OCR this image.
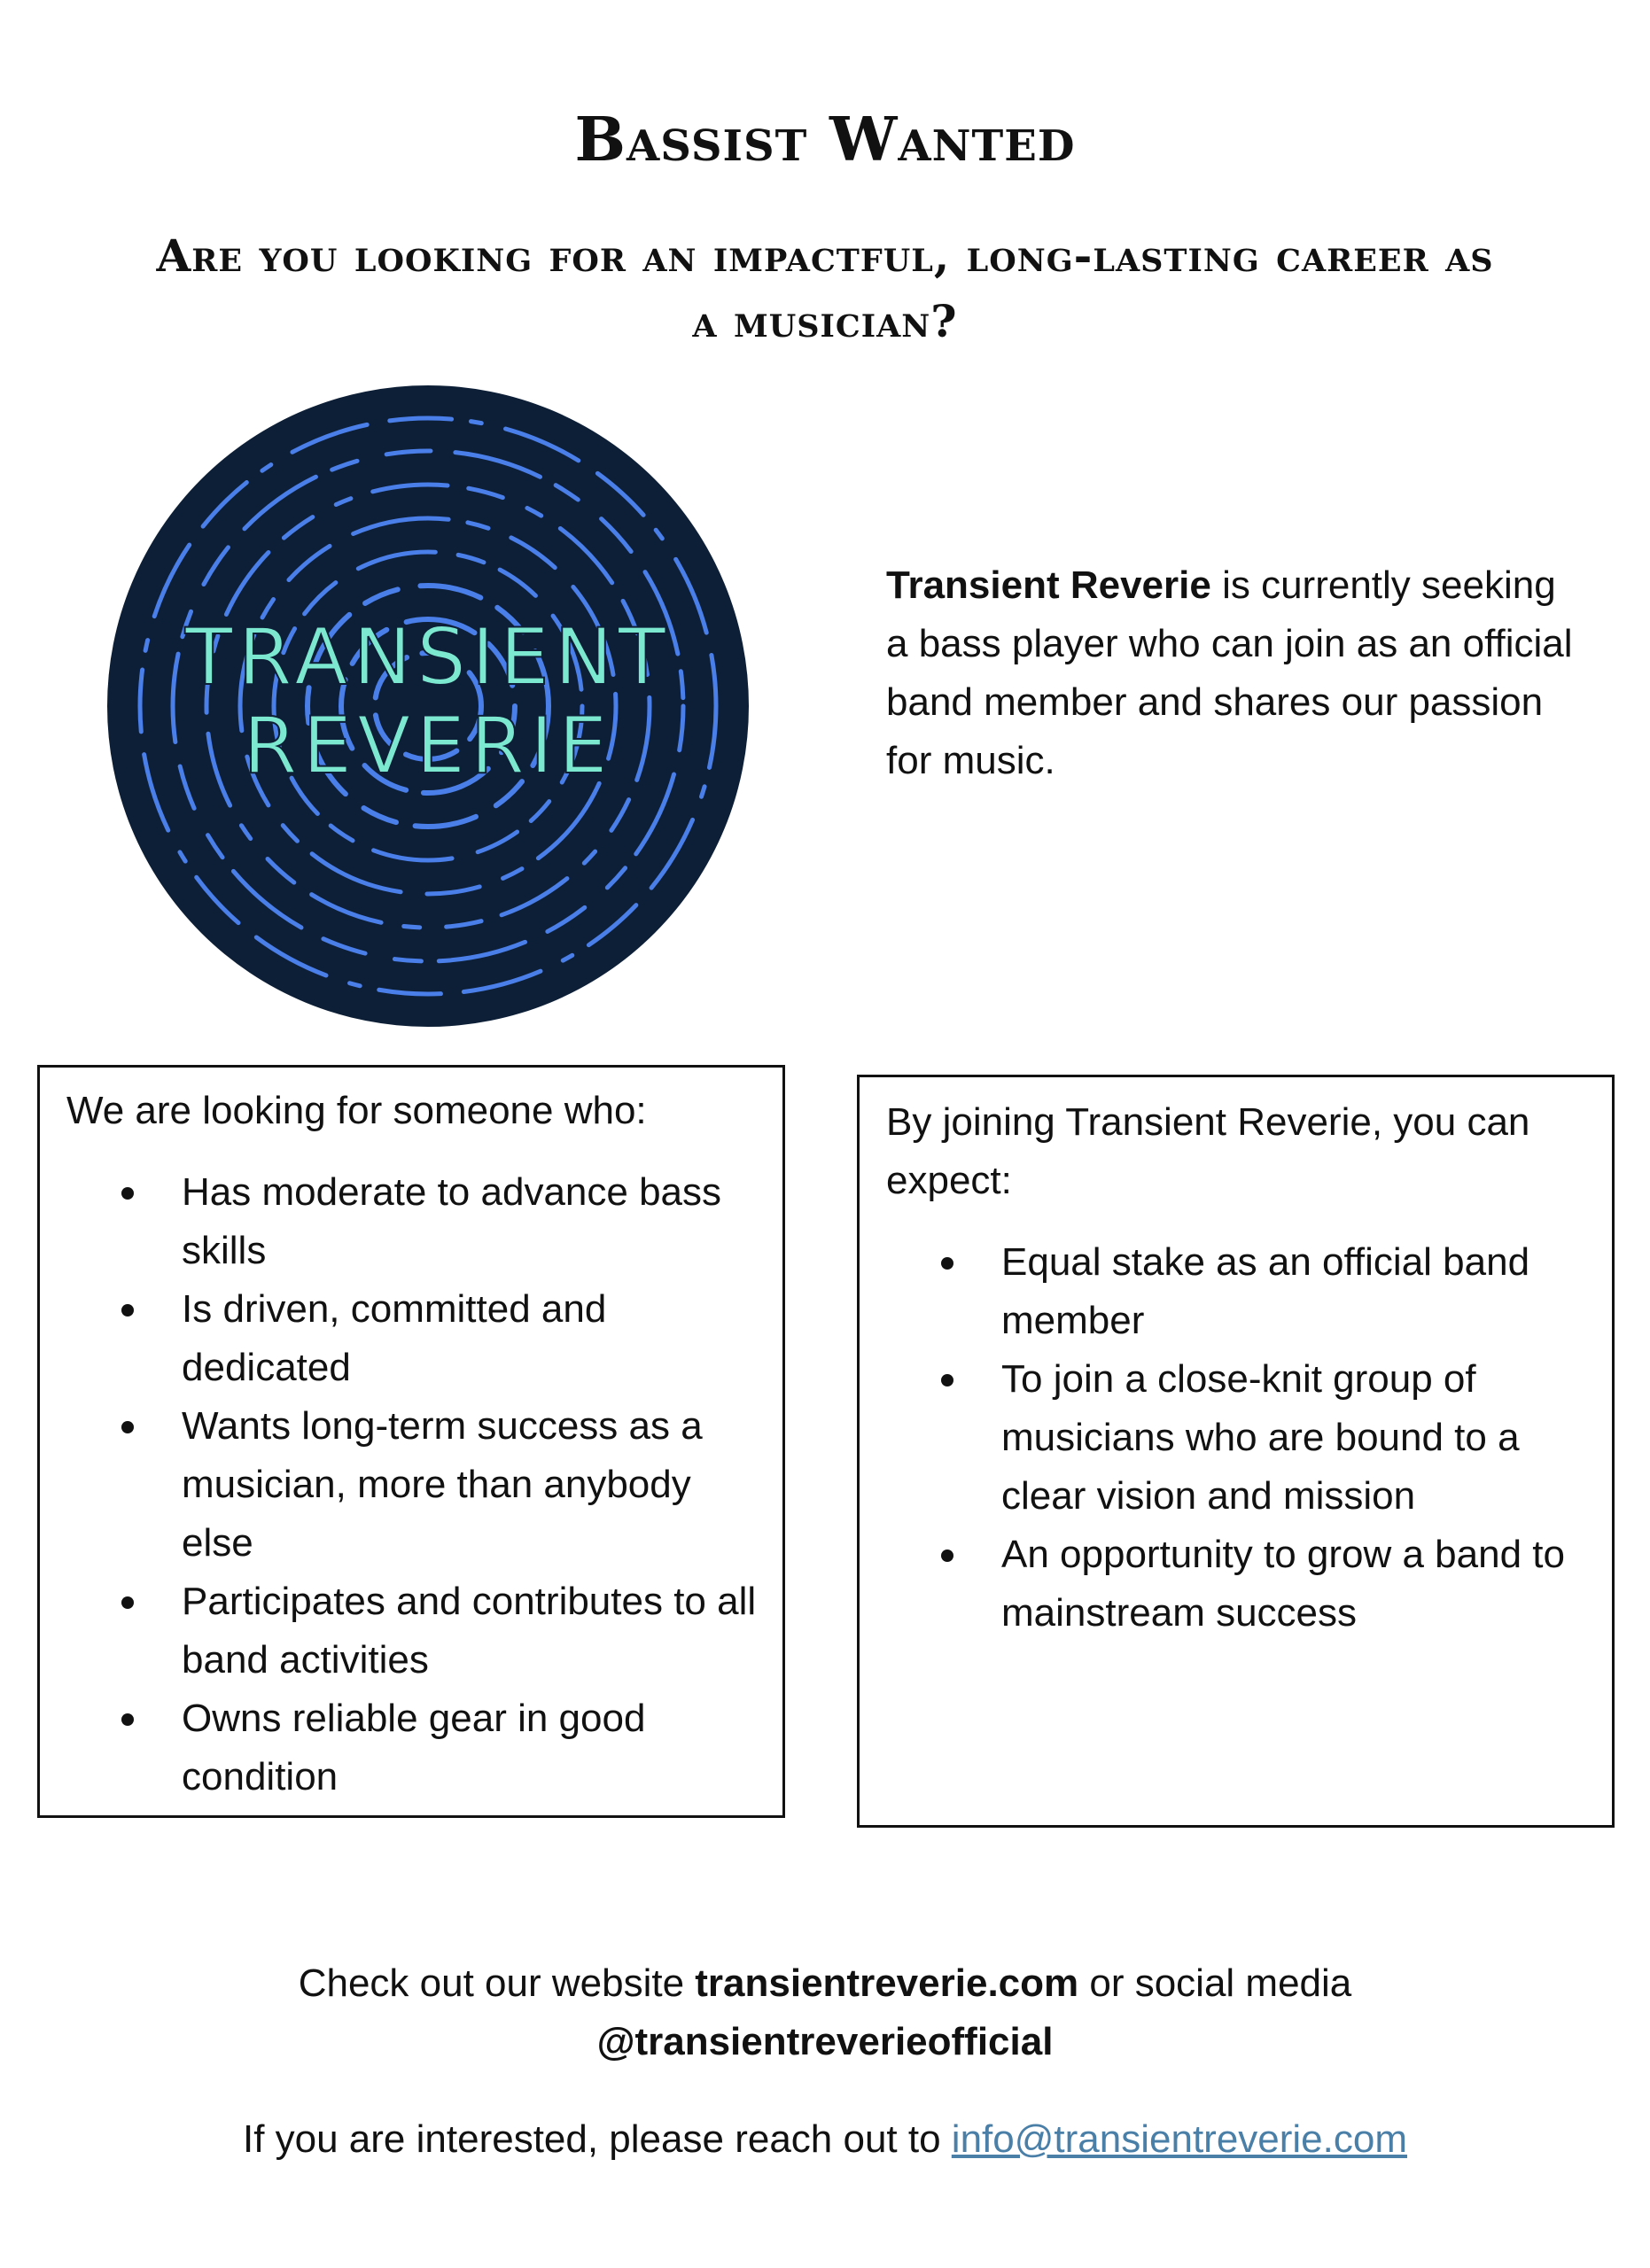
Bassist Wanted
Are you looking for an impactful, long-lasting career as a musician?
TRANSIENT
REVERIE

Transient Reverie is currently seeking a bass player who can join as an official band member and shares our passion for music.

We are looking for someone who:

Has moderate to advance bass skills
Is driven, committed and dedicated
Wants long-term success as a musician, more than anybody else
Participates and contributes to all band activities
Owns reliable gear in good condition

By joining Transient Reverie, you can expect:

Equal stake as an official band member
To join a close-knit group of musicians who are bound to a clear vision and mission
An opportunity to grow a band to mainstream success

Check out our website transientreverie.com or social media
@transientreverieofficial

If you are interested, please reach out to info@transientreverie.com
